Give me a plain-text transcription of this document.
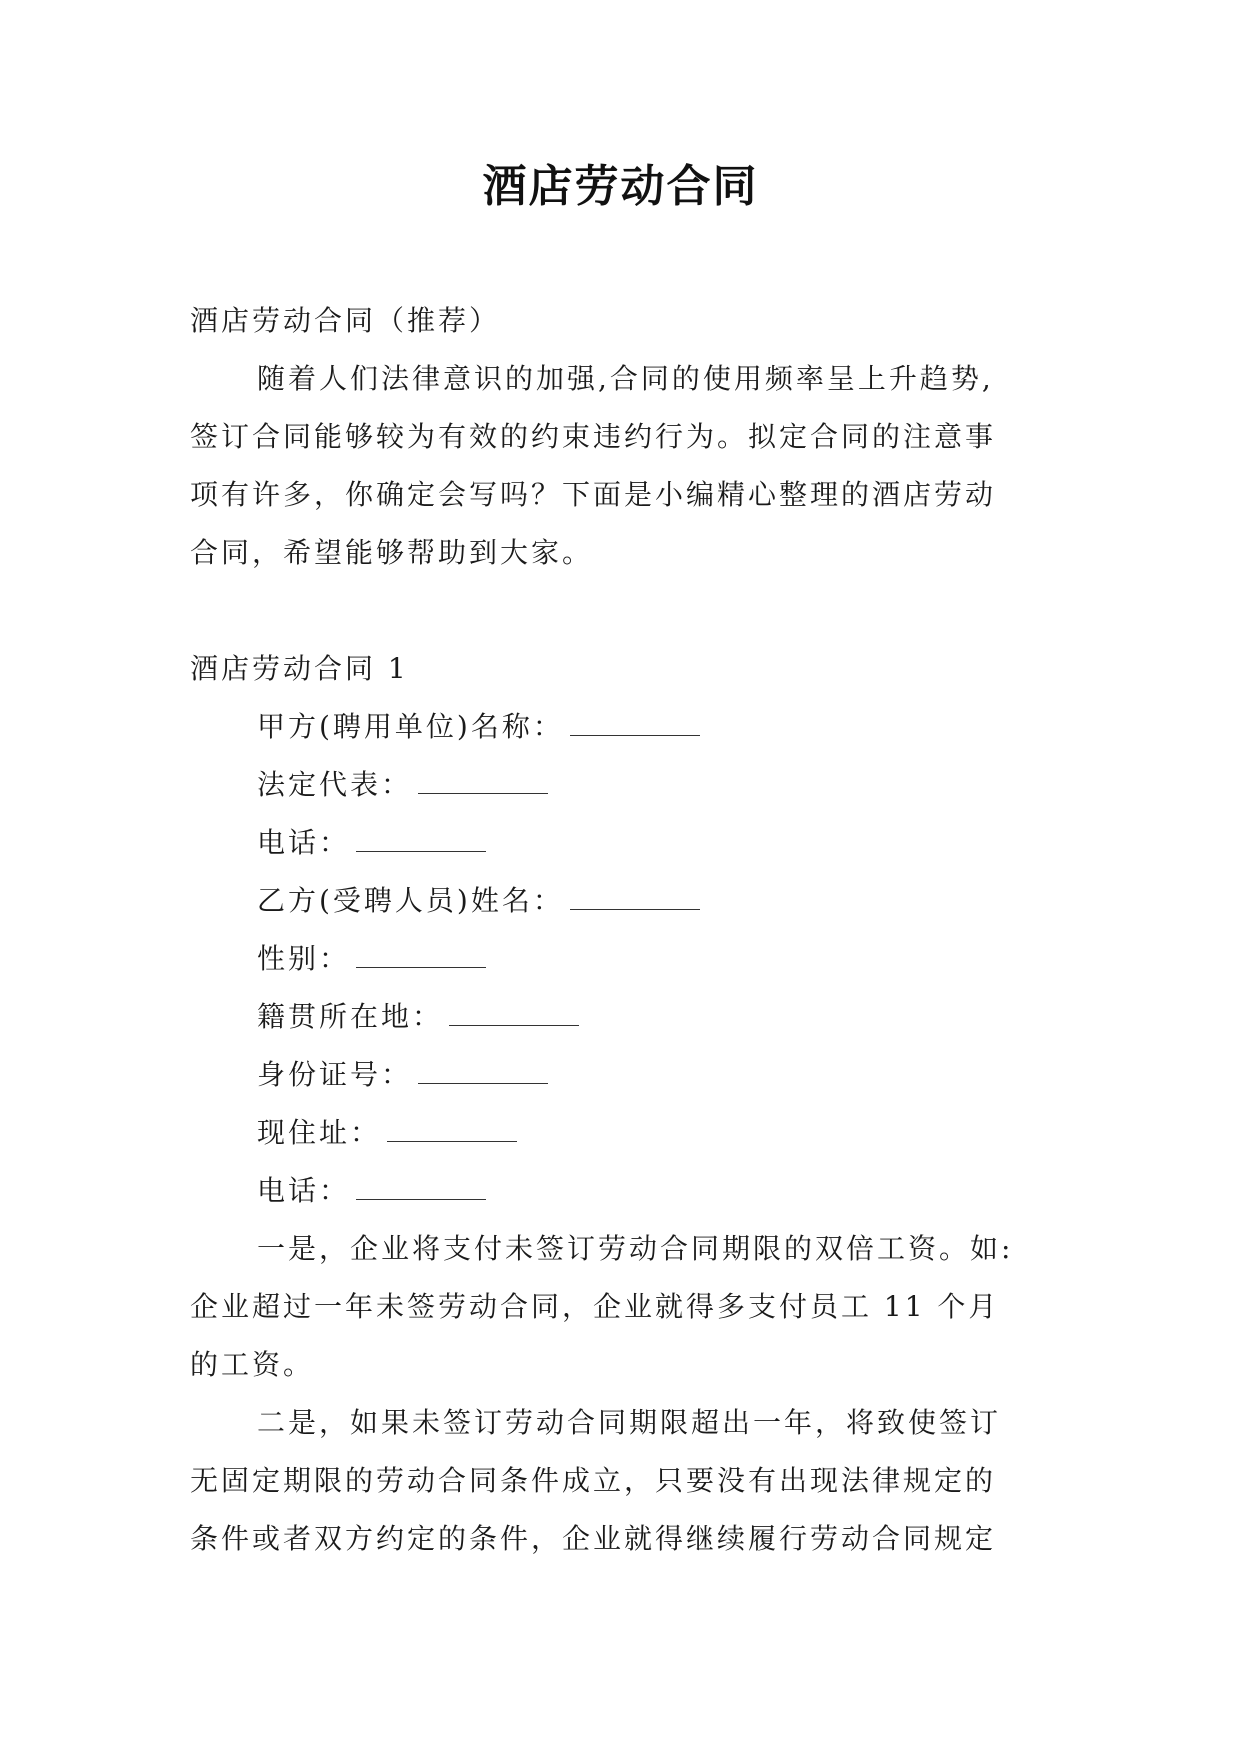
酒店劳动合同

酒店劳动合同（推荐）

随着人们法律意识的加强,合同的使用频率呈上升趋势,

签订合同能够较为有效的约束违约行为。拟定合同的注意事

项有许多，你确定会写吗？下面是小编精心整理的酒店劳动

合同，希望能够帮助到大家。

酒店劳动合同 1

甲方(聘用单位)名称：

法定代表：

电话：

乙方(受聘人员)姓名：

性别：

籍贯所在地：

身份证号：

现住址：

电话：

一是，企业将支付未签订劳动合同期限的双倍工资。如:

企业超过一年未签劳动合同，企业就得多支付员工 11 个月

的工资。

二是，如果未签订劳动合同期限超出一年，将致使签订

无固定期限的劳动合同条件成立，只要没有出现法律规定的

条件或者双方约定的条件，企业就得继续履行劳动合同规定
